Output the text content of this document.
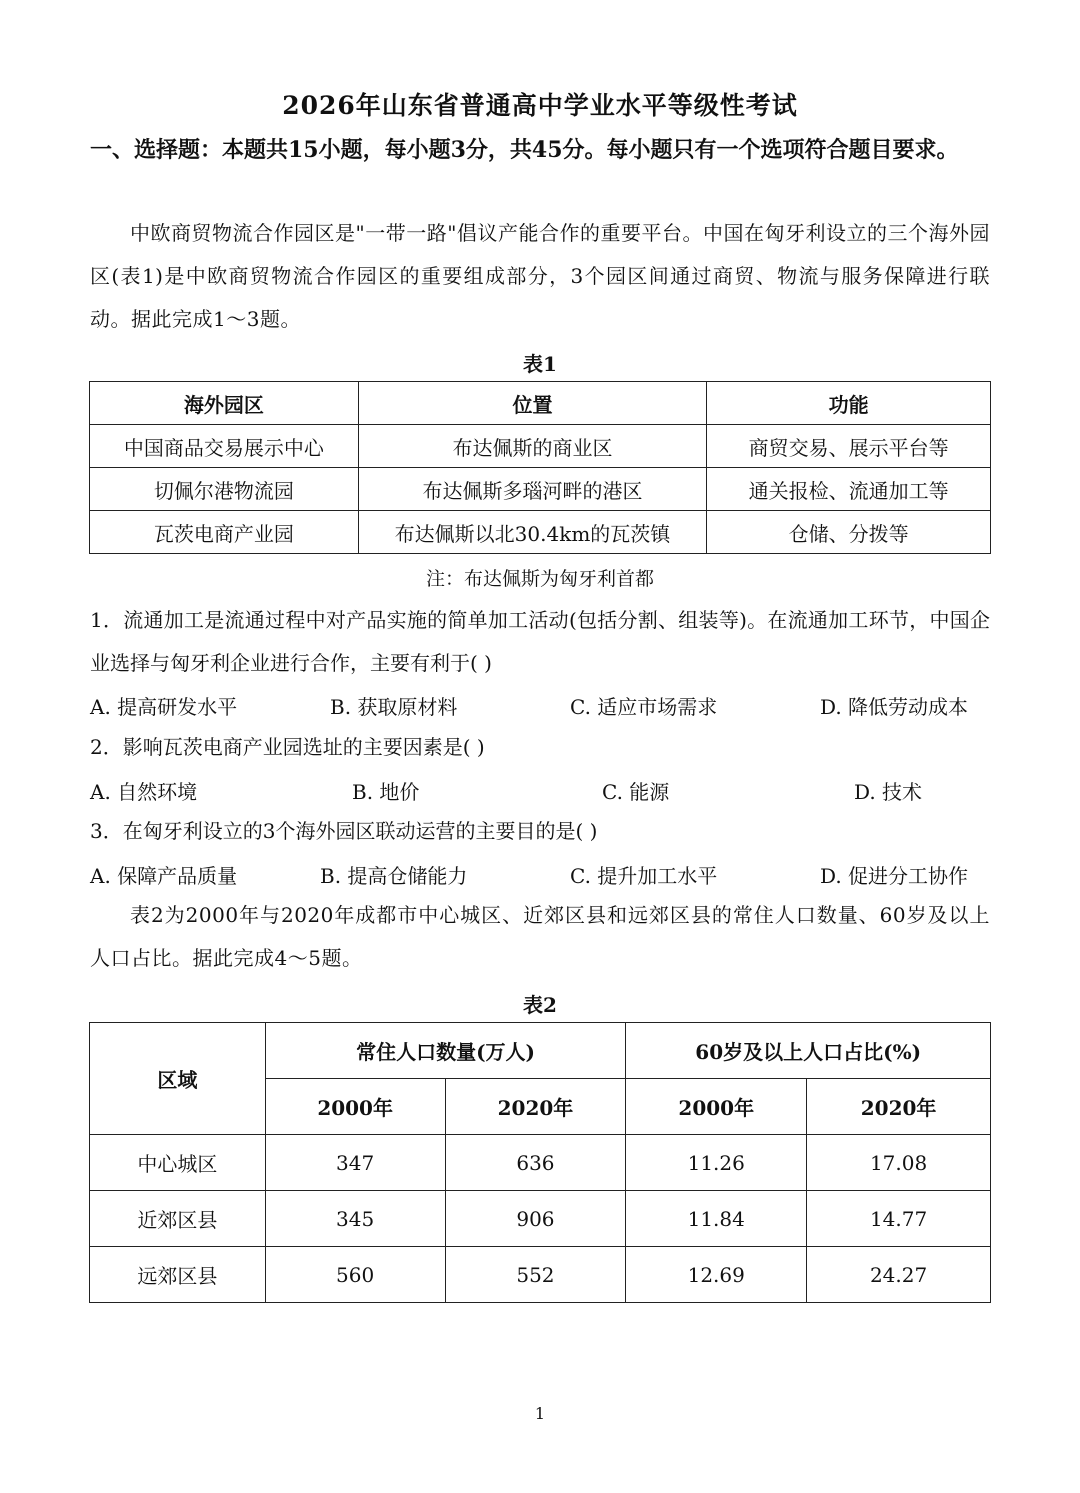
2026年山东省普通高中学业水平等级性考试
一、选择题：本题共15小题，每小题3分，共45分。每小题只有一个选项符合题目要求。
中欧商贸物流合作园区是"一带一路"倡议产能合作的重要平台。中国在匈牙利设立的三个海外园区(表1)是中欧商贸物流合作园区的重要组成部分，3个园区间通过商贸、物流与服务保障进行联动。据此完成1～3题。
表1
海外园区	位置	功能
中国商品交易展示中心	布达佩斯的商业区	商贸交易、展示平台等
切佩尔港物流园	布达佩斯多瑙河畔的港区	通关报检、流通加工等
瓦茨电商产业园	布达佩斯以北30.4km的瓦茨镇	仓储、分拨等
注：布达佩斯为匈牙利首都
1．流通加工是流通过程中对产品实施的简单加工活动(包括分割、组装等)。在流通加工环节，中国企业选择与匈牙利企业进行合作，主要有利于( )
A. 提高研发水平	B. 获取原材料	C. 适应市场需求	D. 降低劳动成本
2．影响瓦茨电商产业园选址的主要因素是( )
A. 自然环境	B. 地价	C. 能源	D. 技术
3．在匈牙利设立的3个海外园区联动运营的主要目的是( )
A. 保障产品质量	B. 提高仓储能力	C. 提升加工水平	D. 促进分工协作
表2为2000年与2020年成都市中心城区、近郊区县和远郊区县的常住人口数量、60岁及以上人口占比。据此完成4～5题。
表2
区域	常住人口数量(万人)		60岁及以上人口占比(%)	
	2000年	2020年	2000年	2020年
中心城区	347	636	11.26	17.08
近郊区县	345	906	11.84	14.77
远郊区县	560	552	12.69	24.27
1
